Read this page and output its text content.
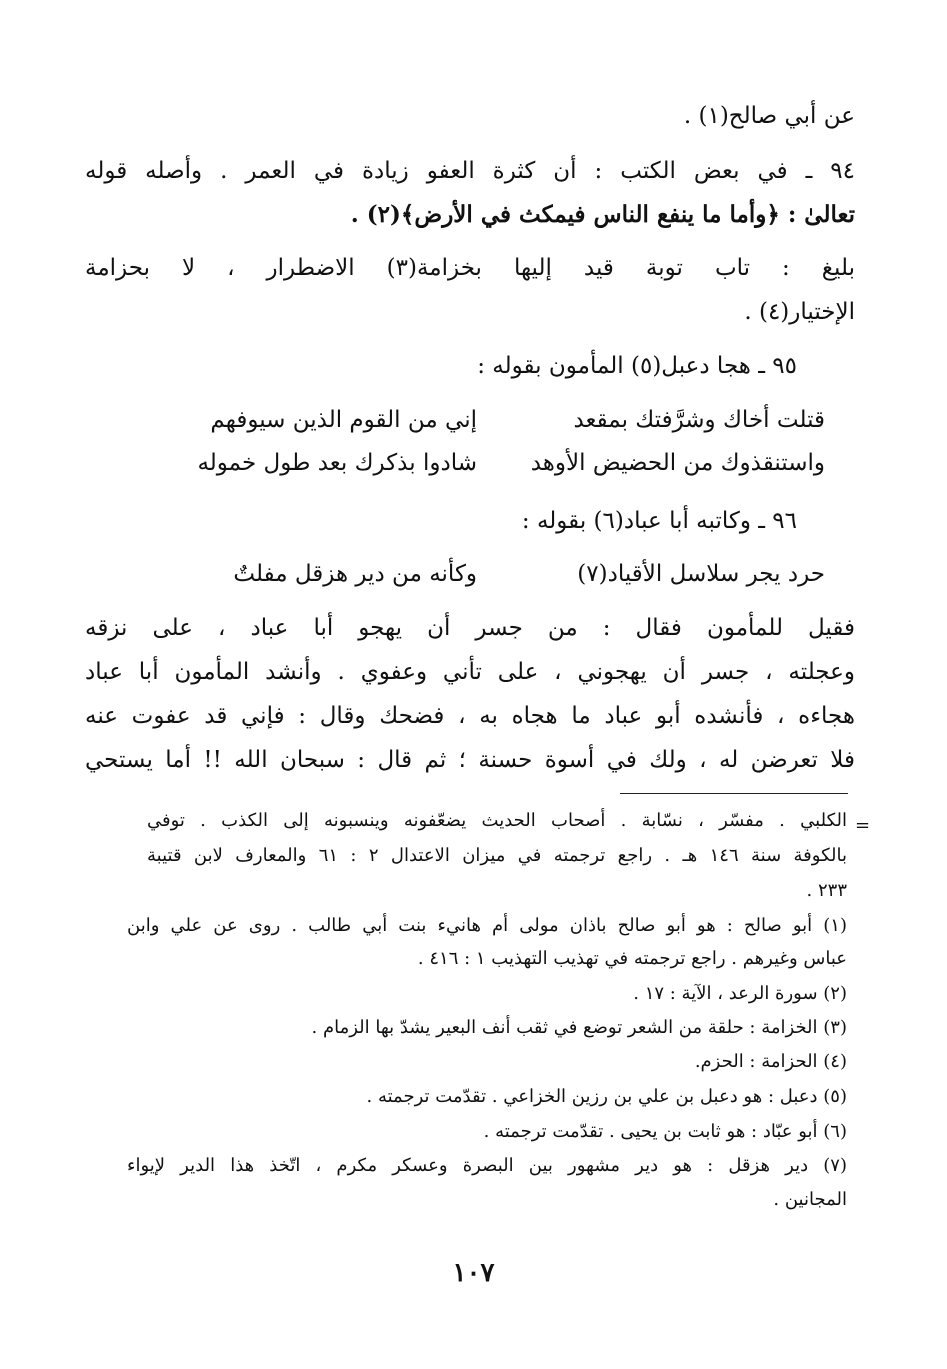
عن أبي صالح(١) .
٩٤ ـ في بعض الكتب : أن كثرة العفو زيادة في العمر . وأصله قوله
تعالىٰ : ﴿وأما ما ينفع الناس فيمكث في الأرض﴾(٢) .
بليغ : تاب توبة قيد إليها بخزامة(٣) الاضطرار ، لا بحزامة
الإختيار(٤) .
٩٥ ـ هجا دعبل(٥) المأمون بقوله :
إني من القوم الذين سيوفهم	قتلت أخاك وشرَّفتك بمقعد
شادوا بذكرك بعد طول خموله واستنقذوك من الحضيض الأوهد
٩٦ ـ وكاتبه أبا عباد(٦) بقوله :
وكأنه من دير هزقل مفلتٌ	حرد يجر سلاسل الأقياد(٧)
فقيل للمأمون فقال : من جسر أن يهجو أبا عباد ، على نزقه
وعجلته ، جسر أن يهجوني ، على تأني وعفوي . وأنشد المأمون أبا عباد
هجاءه ، فأنشده أبو عباد ما هجاه به ، فضحك وقال : فإني قد عفوت عنه
فلا تعرضن له ، ولك في أسوة حسنة ؛ ثم قال : سبحان الله !! أما يستحي
=
الكلبي . مفسّر ، نسّابة . أصحاب الحديث يضعّفونه وينسبونه إلى الكذب . توفي
بالكوفة سنة ١٤٦ هـ . راجع ترجمته في ميزان الاعتدال ٢ : ٦١ والمعارف لابن قتيبة
٢٣٣ .
(١) أبو صالح : هو أبو صالح باذان مولى أم هانيء بنت أبي طالب . روى عن علي وابن
عباس وغيرهم . راجع ترجمته في تهذيب التهذيب ١ : ٤١٦ .
(٢) سورة الرعد ، الآية : ١٧ .
(٣) الخزامة : حلقة من الشعر توضع في ثقب أنف البعير يشدّ بها الزمام .
(٤) الحزامة : الحزم.
(٥) دعبل : هو دعبل بن علي بن رزين الخزاعي . تقدّمت ترجمته .
(٦) أبو عبّاد : هو ثابت بن يحيى . تقدّمت ترجمته .
(٧) دير هزقل : هو دير مشهور بين البصرة وعسكر مكرم ، اتّخذ هذا الدير لإيواء
المجانين .
١٠٧
